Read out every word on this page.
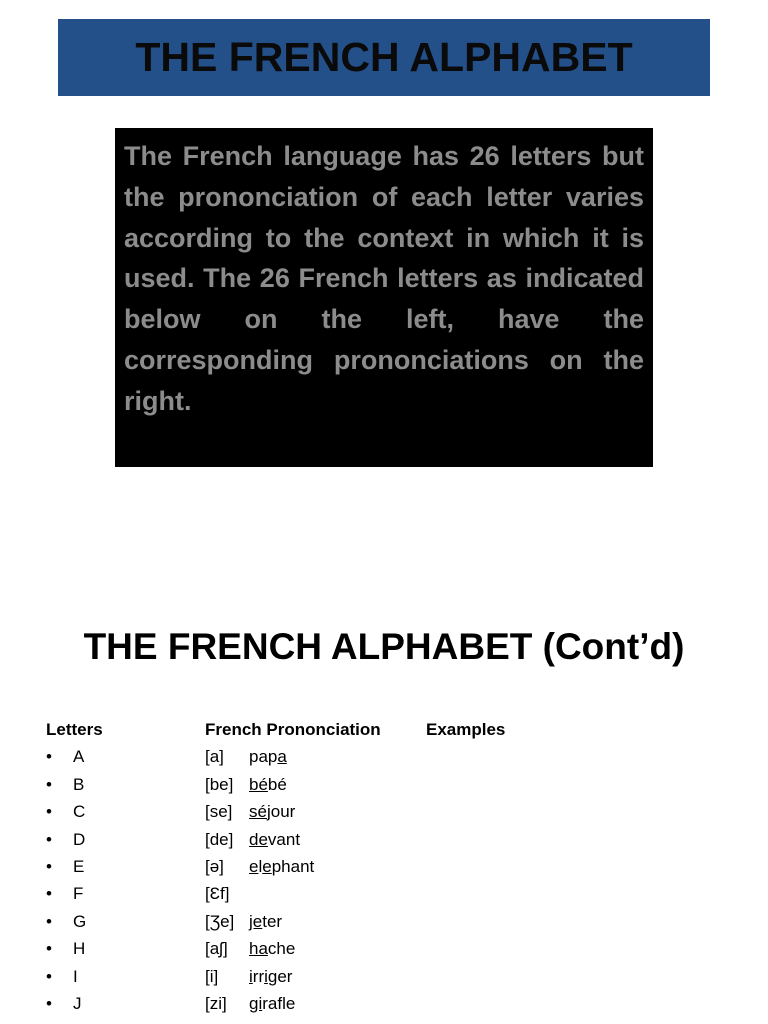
THE FRENCH ALPHABET

The French language has 26 letters but the prononciation of each letter varies according to the context in which it is used. The 26 French letters as indicated below on the left, have the corresponding prononciations on the right.

THE FRENCH ALPHABET (Cont’d)
Letters	French Prononciation	Examples
• A	[a] papa
• B	[be] bébé
• C	[se] séjour
• D	[de] devant
• E	[ə] elephant
• F	[Ɛf]
• G	[Ʒe] jeter
• H	[aʃ] hache
• I	[i] irriger
• J	[zi] girafle
